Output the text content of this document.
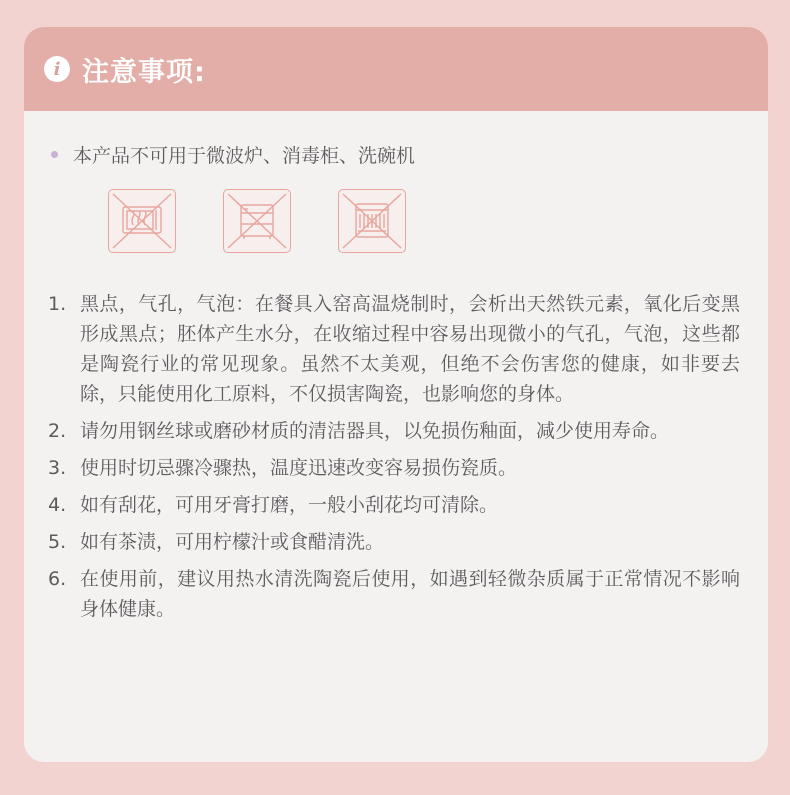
i 注意事项:
本产品不可用于微波炉、消毒柜、洗碗机
1. 黑点，气孔，气泡：在餐具入窑高温烧制时，会析出天然铁元素，氧化后变黑形成黑点；胚体产生水分，在收缩过程中容易出现微小的气孔，气泡，这些都是陶瓷行业的常见现象。虽然不太美观，但绝不会伤害您的健康，如非要去除，只能使用化工原料，不仅损害陶瓷，也影响您的身体。
2. 请勿用钢丝球或磨砂材质的清洁器具，以免损伤釉面，减少使用寿命。
3. 使用时切忌骤冷骤热，温度迅速改变容易损伤瓷质。
4. 如有刮花，可用牙膏打磨，一般小刮花均可清除。
5. 如有茶渍，可用柠檬汁或食醋清洗。
6. 在使用前，建议用热水清洗陶瓷后使用，如遇到轻微杂质属于正常情况不影响身体健康。
